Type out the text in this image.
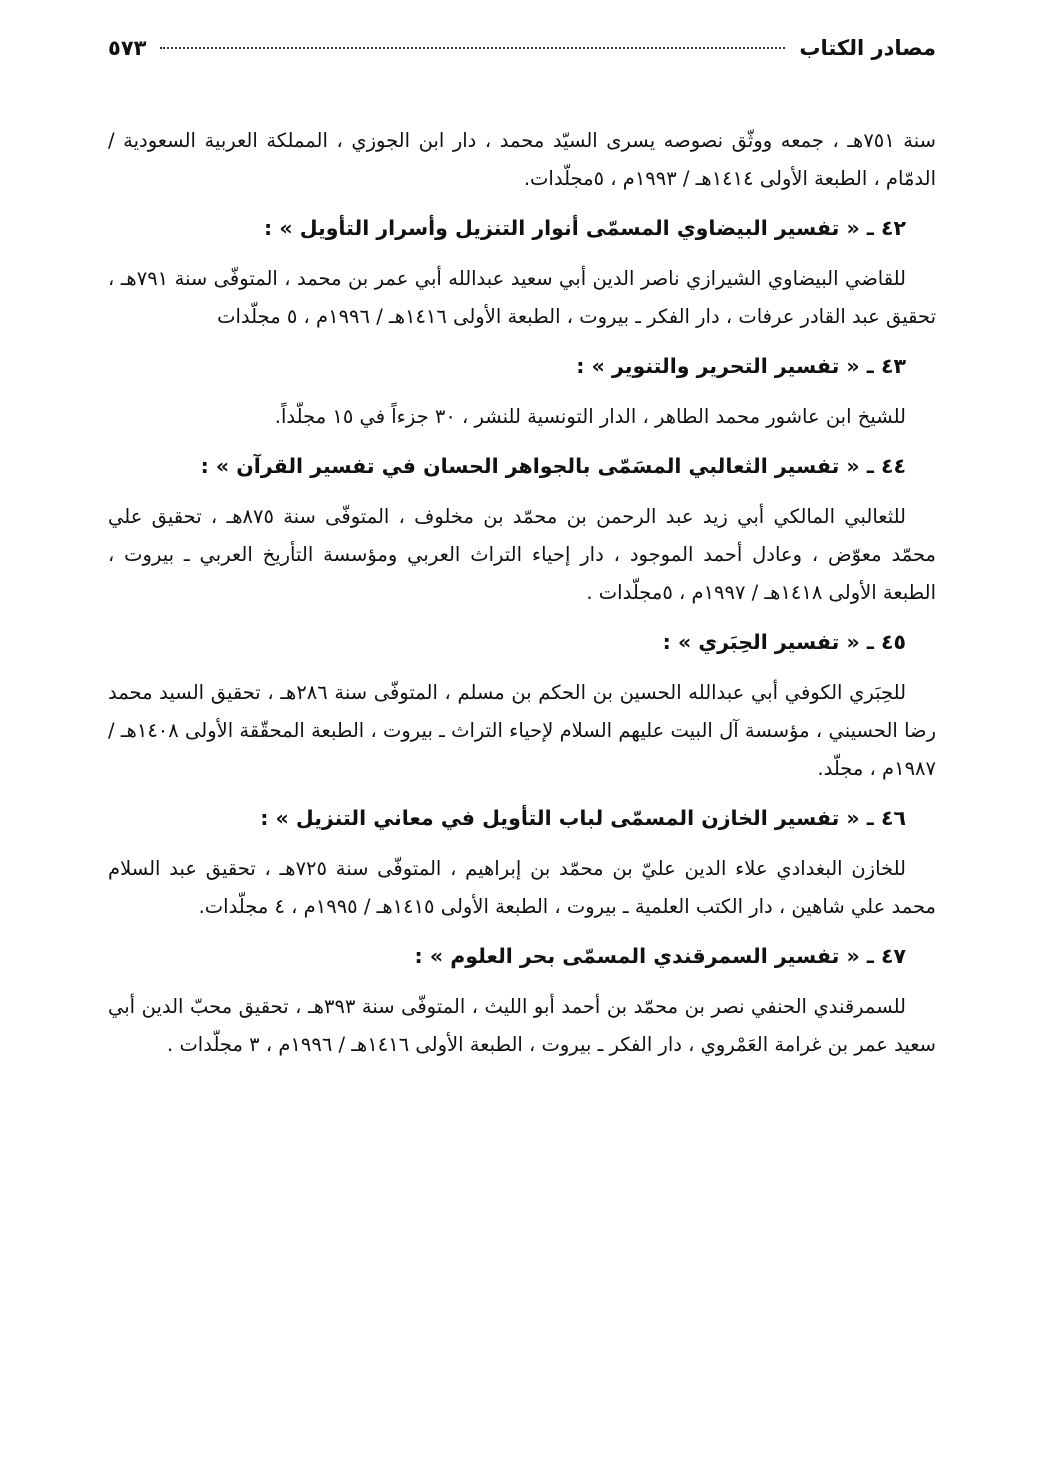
مصادر الكتاب
٥٧٣

سنة ٧٥١هـ ، جمعه ووثّق نصوصه يسرى السيّد محمد ، دار ابن الجوزي ، المملكة العربية السعودية / الدمّام ، الطبعة الأولى ١٤١٤هـ / ١٩٩٣م ، ٥مجلّدات.

٤٢ ـ « تفسير البيضاوي المسمّى أنوار التنزيل وأسرار التأويل » :

للقاضي البيضاوي الشيرازي ناصر الدين أبي سعيد عبدالله أبي عمر بن محمد ، المتوفّى سنة ٧٩١هـ ، تحقيق عبد القادر عرفات ، دار الفكر ـ بيروت ، الطبعة الأولى ١٤١٦هـ / ١٩٩٦م ، ٥ مجلّدات

٤٣ ـ « تفسير التحرير والتنوير » :

للشيخ ابن عاشور محمد الطاهر ، الدار التونسية للنشر ، ٣٠ جزءاً في ١٥ مجلّداً.

٤٤ ـ « تفسير الثعالبي المسَمّى بالجواهر الحسان في تفسير القرآن » :

للثعالبي المالكي أبي زيد عبد الرحمن بن محمّد بن مخلوف ، المتوفّى سنة ٨٧٥هـ ، تحقيق علي محمّد معوّض ، وعادل أحمد الموجود ، دار إحياء التراث العربي ومؤسسة التأريخ العربي ـ بيروت ، الطبعة الأولى ١٤١٨هـ / ١٩٩٧م ، ٥مجلّدات .

٤٥ ـ « تفسير الحِبَري » :

للحِبَري الكوفي أبي عبدالله الحسين بن الحكم بن مسلم ، المتوفّى سنة ٢٨٦هـ ، تحقيق السيد محمد رضا الحسيني ، مؤسسة آل البيت عليهم السلام لإحياء التراث ـ بيروت ، الطبعة المحقّقة الأولى ١٤٠٨هـ / ١٩٨٧م ، مجلّد.

٤٦ ـ « تفسير الخازن المسمّى لباب التأويل في معاني التنزيل » :

للخازن البغدادي علاء الدين عليّ بن محمّد بن إبراهيم ، المتوفّى سنة ٧٢٥هـ ، تحقيق عبد السلام محمد علي شاهين ، دار الكتب العلمية ـ بيروت ، الطبعة الأولى ١٤١٥هـ / ١٩٩٥م ، ٤ مجلّدات.

٤٧ ـ « تفسير السمرقندي المسمّى بحر العلوم » :

للسمرقندي الحنفي نصر بن محمّد بن أحمد أبو الليث ، المتوفّى سنة ٣٩٣هـ ، تحقيق محبّ الدين أبي سعيد عمر بن غرامة العَمْروي ، دار الفكر ـ بيروت ، الطبعة الأولى ١٤١٦هـ / ١٩٩٦م ، ٣ مجلّدات .
